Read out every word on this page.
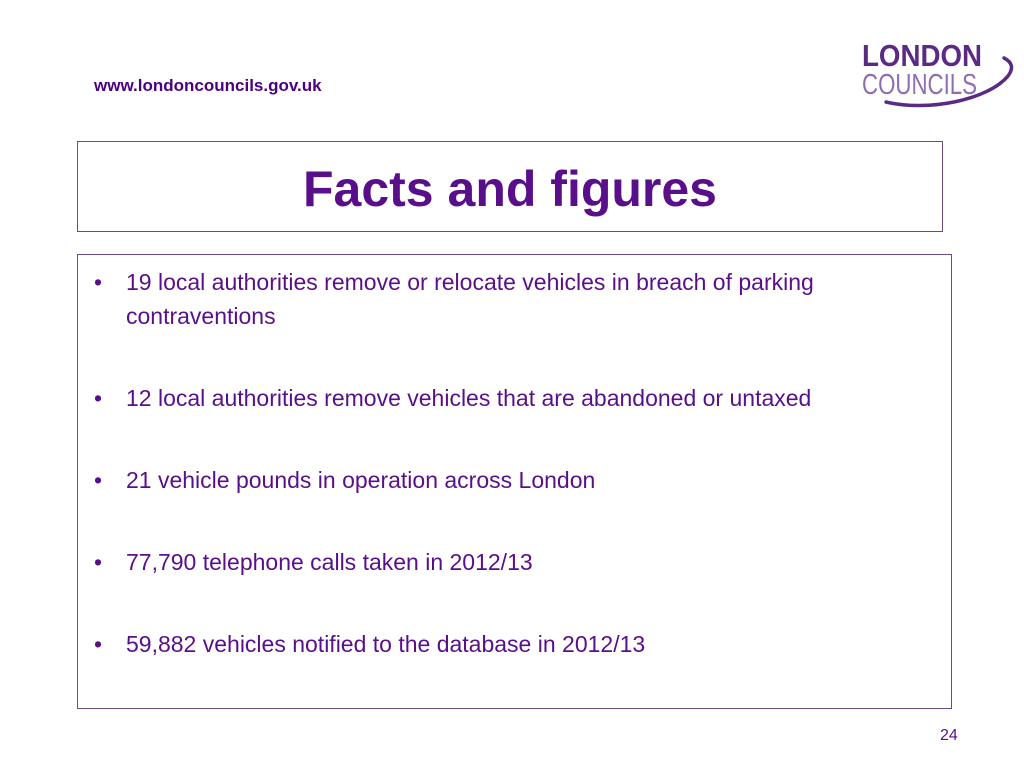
www.londoncouncils.gov.uk
LONDON
COUNCILS
Facts and figures
• 19 local authorities remove or relocate vehicles in breach of parking contraventions
• 12 local authorities remove vehicles that are abandoned or untaxed
• 21 vehicle pounds in operation across London
• 77,790 telephone calls taken in 2012/13
• 59,882 vehicles notified to the database in 2012/13
24
